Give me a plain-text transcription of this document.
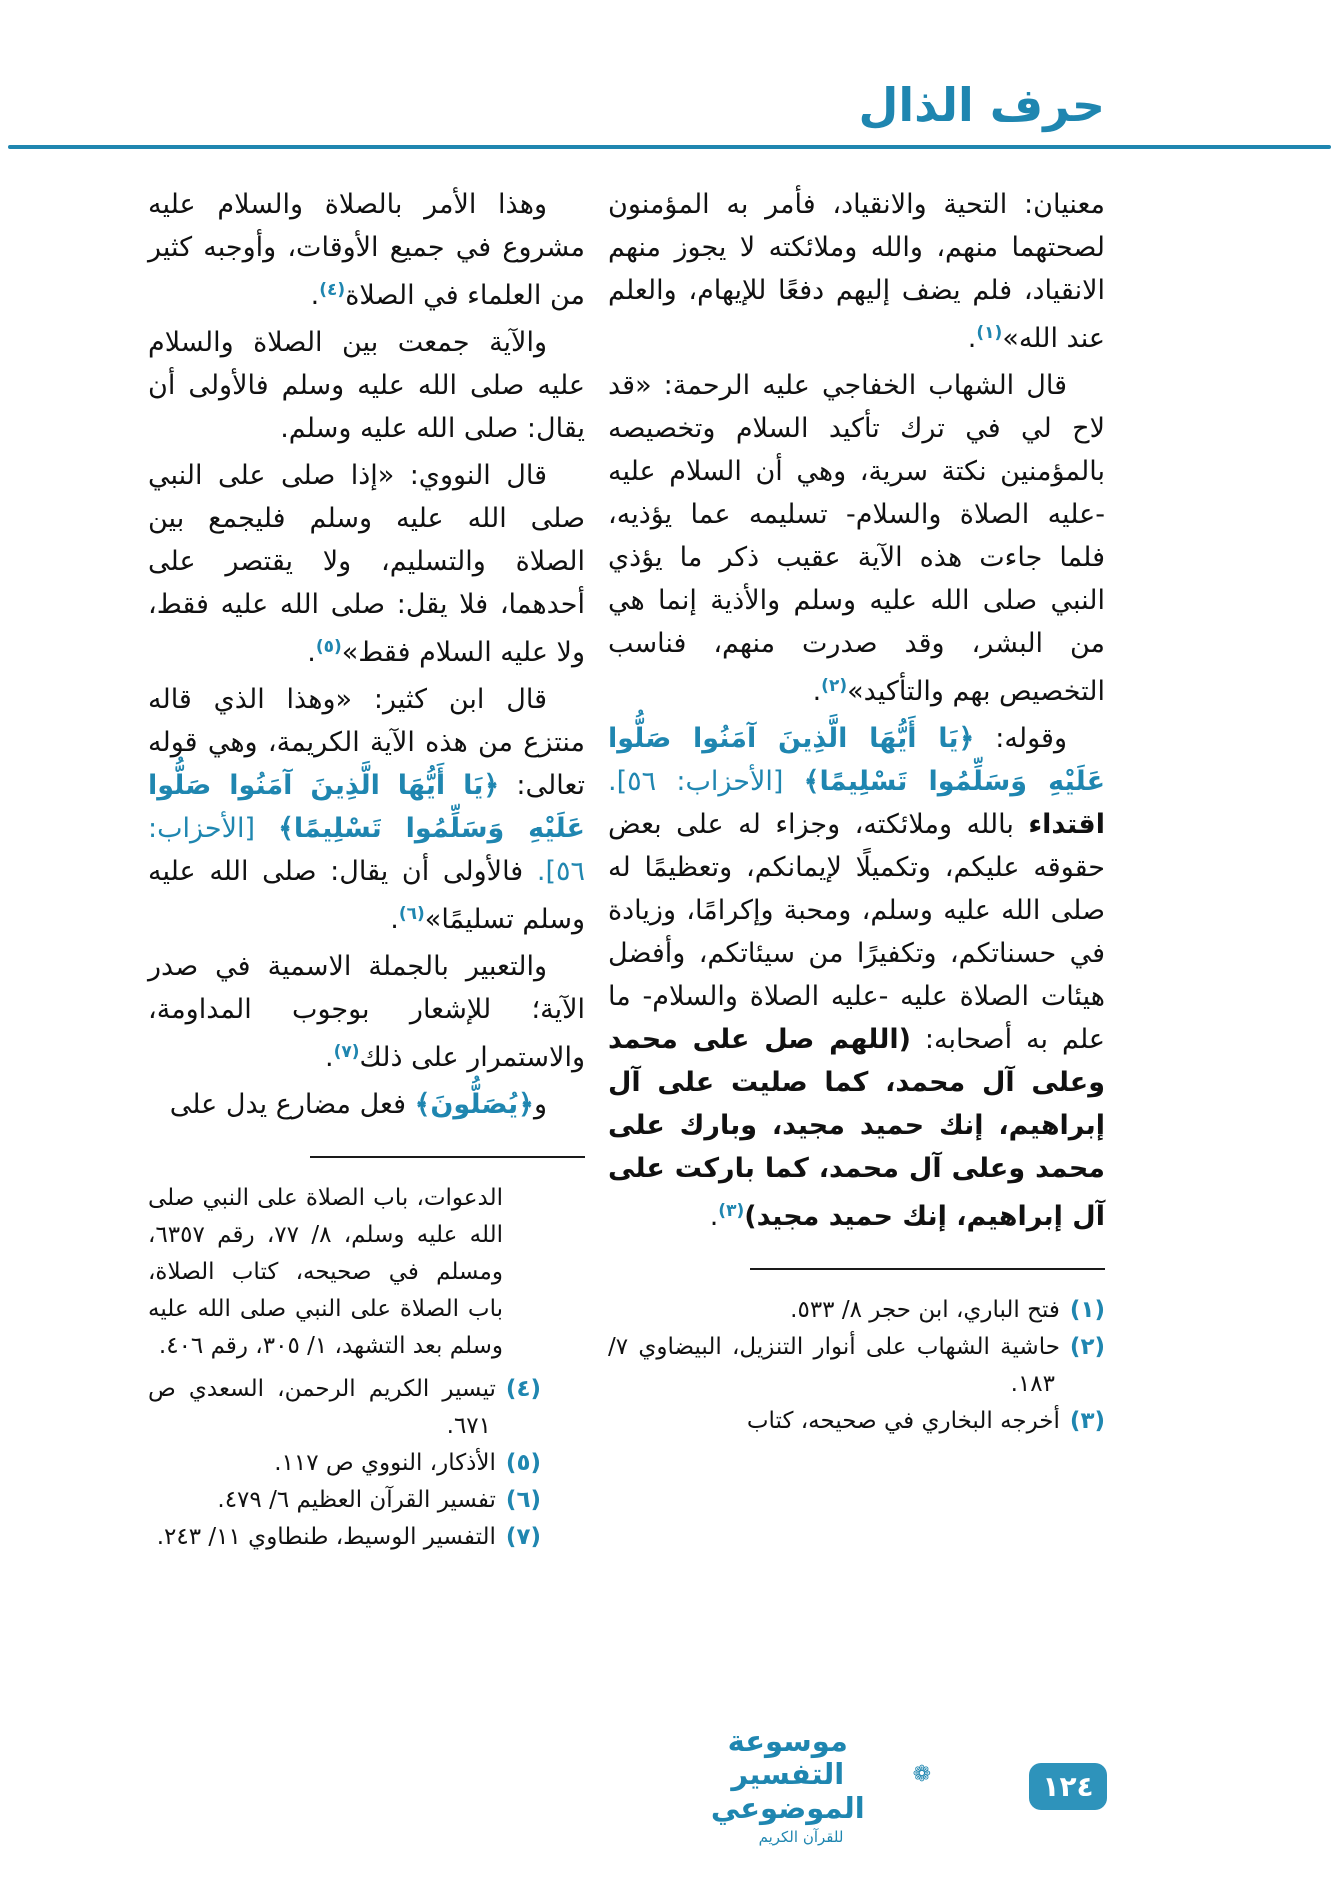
حرف الذال

معنيان: التحية والانقياد، فأمر به المؤمنون لصحتهما منهم، والله وملائكته لا يجوز منهم الانقياد، فلم يضف إليهم دفعًا للإيهام، والعلم عند الله»$^{(١)}$.

قال الشهاب الخفاجي عليه الرحمة: «قد لاح لي في ترك تأكيد السلام وتخصيصه بالمؤمنين نكتة سرية، وهي أن السلام عليه -عليه الصلاة والسلام- تسليمه عما يؤذيه، فلما جاءت هذه الآية عقيب ذكر ما يؤذي النبي صلى الله عليه وسلم والأذية إنما هي من البشر، وقد صدرت منهم، فناسب التخصيص بهم والتأكيد»$^{(٢)}$.

وقوله: ﴿يَا أَيُّهَا الَّذِينَ آمَنُوا صَلُّوا عَلَيْهِ وَسَلِّمُوا تَسْلِيمًا﴾ [الأحزاب: ٥٦]. اقتداء بالله وملائكته، وجزاء له على بعض حقوقه عليكم، وتكميلًا لإيمانكم، وتعظيمًا له صلى الله عليه وسلم، ومحبة وإكرامًا، وزيادة في حسناتكم، وتكفيرًا من سيئاتكم، وأفضل هيئات الصلاة عليه -عليه الصلاة والسلام- ما علم به أصحابه: (اللهم صل على محمد وعلى آل محمد، كما صليت على آل إبراهيم، إنك حميد مجيد، وبارك على محمد وعلى آل محمد، كما باركت على آل إبراهيم، إنك حميد مجيد)$^{(٣)}$.

(١)فتح الباري، ابن حجر ٨/ ٥٣٣.

(٢)حاشية الشهاب على أنوار التنزيل، البيضاوي ٧/ ١٨٣.

(٣)أخرجه البخاري في صحيحه، كتاب

وهذا الأمر بالصلاة والسلام عليه مشروع في جميع الأوقات، وأوجبه كثير من العلماء في الصلاة$^{(٤)}$.

والآية جمعت بين الصلاة والسلام عليه صلى الله عليه وسلم فالأولى أن يقال: صلى الله عليه وسلم.

قال النووي: «إذا صلى على النبي صلى الله عليه وسلم فليجمع بين الصلاة والتسليم، ولا يقتصر على أحدهما، فلا يقل: صلى الله عليه فقط، ولا عليه السلام فقط»$^{(٥)}$.

قال ابن كثير: «وهذا الذي قاله منتزع من هذه الآية الكريمة، وهي قوله تعالى: ﴿يَا أَيُّهَا الَّذِينَ آمَنُوا صَلُّوا عَلَيْهِ وَسَلِّمُوا تَسْلِيمًا﴾ [الأحزاب: ٥٦]. فالأولى أن يقال: صلى الله عليه وسلم تسليمًا»$^{(٦)}$.

والتعبير بالجملة الاسمية في صدر الآية؛ للإشعار بوجوب المداومة، والاستمرار على ذلك$^{(٧)}$.

و﴿يُصَلُّونَ﴾ فعل مضارع يدل على

الدعوات، باب الصلاة على النبي صلى الله عليه وسلم، ٨/ ٧٧، رقم ٦٣٥٧، ومسلم في صحيحه، كتاب الصلاة، باب الصلاة على النبي صلى الله عليه وسلم بعد التشهد، ١/ ٣٠٥، رقم ٤٠٦.

(٤)تيسير الكريم الرحمن، السعدي ص ٦٧١.

(٥)الأذكار، النووي ص ١١٧.

(٦)تفسير القرآن العظيم ٦/ ٤٧٩.

(٧)التفسير الوسيط، طنطاوي ١١/ ٢٤٣.

❁
موسوعة التفسير الموضوعي
للقرآن الكريم
١٢٤
